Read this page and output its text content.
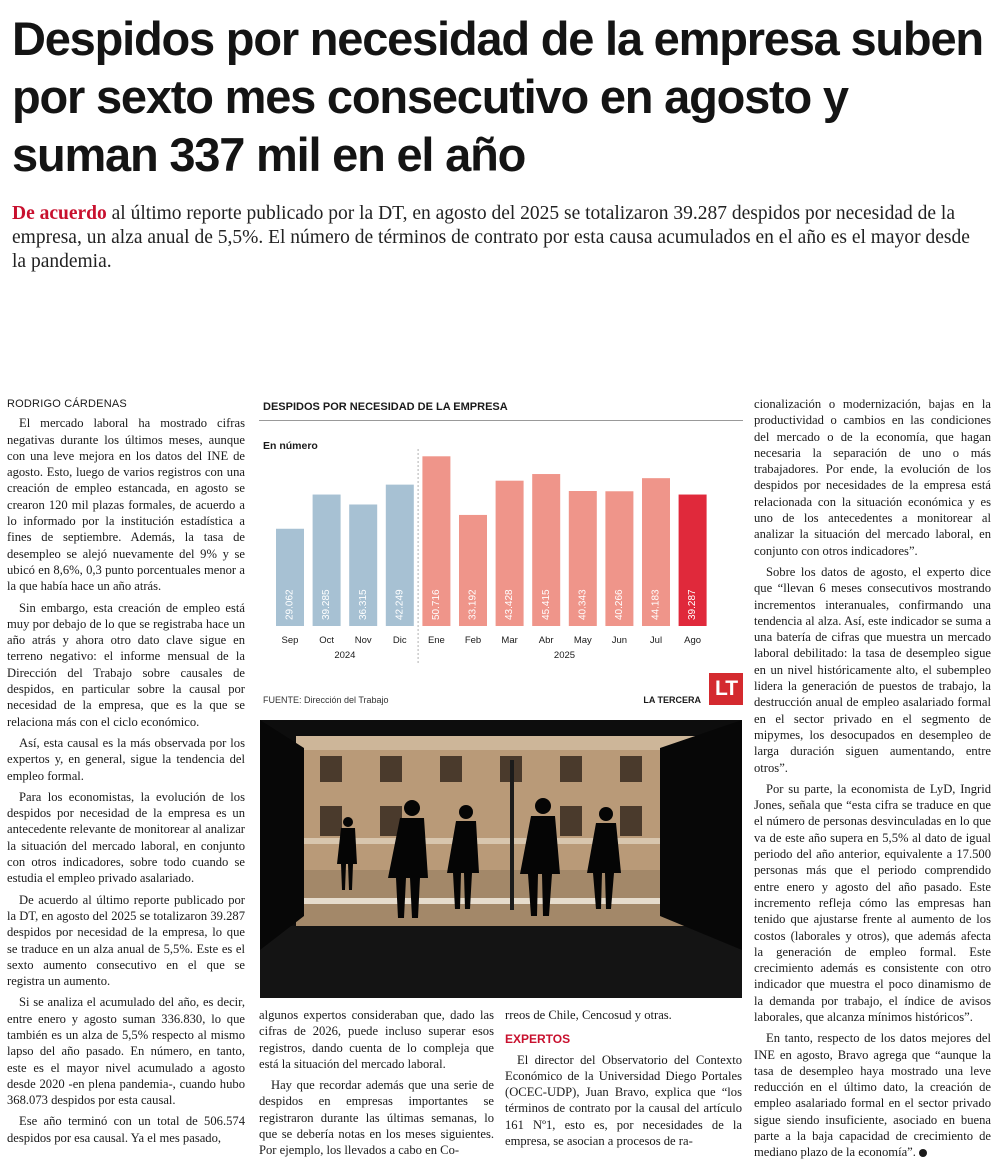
Despidos por necesidad de la empresa suben por sexto mes consecutivo en agosto y suman 337 mil en el año

De acuerdo al último reporte publicado por la DT, en agosto del 2025 se totalizaron 39.287 despidos por necesidad de la empresa, un alza anual de 5,5%. El número de términos de contrato por esta causa acumulados en el año es el mayor desde la pandemia.

RODRIGO CÁRDENAS

El mercado laboral ha mostrado cifras negativas durante los últimos meses, aunque con una leve mejora en los datos del INE de agosto. Esto, luego de varios registros con una creación de empleo estancada, en agosto se crearon 120 mil plazas formales, de acuerdo a lo informado por la institución estadística a fines de septiembre. Además, la tasa de desempleo se alejó nuevamente del 9% y se ubicó en 8,6%, 0,3 punto porcentuales menor a la que había hace un año atrás.

Sin embargo, esta creación de empleo está muy por debajo de lo que se registraba hace un año atrás y ahora otro dato clave sigue en terreno negativo: el informe mensual de la Dirección del Trabajo sobre causales de despidos, en particular sobre la causal por necesidad de la empresa, que es la que se relaciona más con el ciclo económico.

Así, esta causal es la más observada por los expertos y, en general, sigue la tendencia del empleo formal.

Para los economistas, la evolución de los despidos por necesidad de la empresa es un antecedente relevante de monitorear al analizar la situación del mercado laboral, en conjunto con otros indicadores, sobre todo cuando se estudia el empleo privado asalariado.

De acuerdo al último reporte publicado por la DT, en agosto del 2025 se totalizaron 39.287 despidos por necesidad de la empresa, lo que se traduce en un alza anual de 5,5%. Este es el sexto aumento consecutivo en el que se registra un aumento.

Si se analiza el acumulado del año, es decir, entre enero y agosto suman 336.830, lo que también es un alza de 5,5% respecto al mismo lapso del año pasado. En número, en tanto, este es el mayor nivel acumulado a agosto desde 2020 -en plena pandemia-, cuando hubo 368.073 despidos por esta causal.

Ese año terminó con un total de 506.574 despidos por esa causal. Ya el mes pasado,

DESPIDOS POR NECESIDAD DE LA EMPRESA

En número
29.062
Sep
39.285
Oct
36.315
Nov
42.249
Dic
50.716
Ene
33.192
Feb
43.428
Mar
45.415
Abr
40.343
May
40.266
Jun
44.183
Jul
39.287
Ago
2024	2025
FUENTE: Dirección del Trabajo	LA TERCERA LT

algunos expertos consideraban que, dado las cifras de 2026, puede incluso superar esos registros, dando cuenta de lo compleja que está la situación del mercado laboral.

Hay que recordar además que una serie de despidos en empresas importantes se registraron durante las últimas semanas, lo que se debería notas en los meses siguientes. Por ejemplo, los llevados a cabo en Co-

rreos de Chile, Cencosud y otras.

EXPERTOS

El director del Observatorio del Contexto Económico de la Universidad Diego Portales (OCEC-UDP), Juan Bravo, explica que “los términos de contrato por la causal del artículo 161 Nº1, esto es, por necesidades de la empresa, se asocian a procesos de ra-

cionalización o modernización, bajas en la productividad o cambios en las condiciones del mercado o de la economía, que hagan necesaria la separación de uno o más trabajadores. Por ende, la evolución de los despidos por necesidades de la empresa está relacionada con la situación económica y es uno de los antecedentes a monitorear al analizar la situación del mercado laboral, en conjunto con otros indicadores”.

Sobre los datos de agosto, el experto dice que “llevan 6 meses consecutivos mostrando incrementos interanuales, confirmando una tendencia al alza. Así, este indicador se suma a una batería de cifras que muestra un mercado laboral debilitado: la tasa de desempleo sigue en un nivel históricamente alto, el subempleo lidera la generación de puestos de trabajo, la destrucción anual de empleo asalariado formal en el sector privado en el segmento de mipymes, los desocupados en desempleo de larga duración siguen aumentando, entre otros”.

Por su parte, la economista de LyD, Ingrid Jones, señala que “esta cifra se traduce en que el número de personas desvinculadas en lo que va de este año supera en 5,5% al dato de igual periodo del año anterior, equivalente a 17.500 personas más que el periodo comprendido entre enero y agosto del año pasado. Este incremento refleja cómo las empresas han tenido que ajustarse frente al aumento de los costos (laborales y otros), que además afecta la generación de empleo formal. Este crecimiento además es consistente con otro indicador que muestra el poco dinamismo de la demanda por trabajo, el índice de avisos laborales, que alcanza mínimos históricos”.

En tanto, respecto de los datos mejores del INE en agosto, Bravo agrega que “aunque la tasa de desempleo haya mostrado una leve reducción en el último dato, la creación de empleo asalariado formal en el sector privado sigue siendo insuficiente, asociado en buena parte a la baja capacidad de crecimiento de mediano plazo de la economía”.
